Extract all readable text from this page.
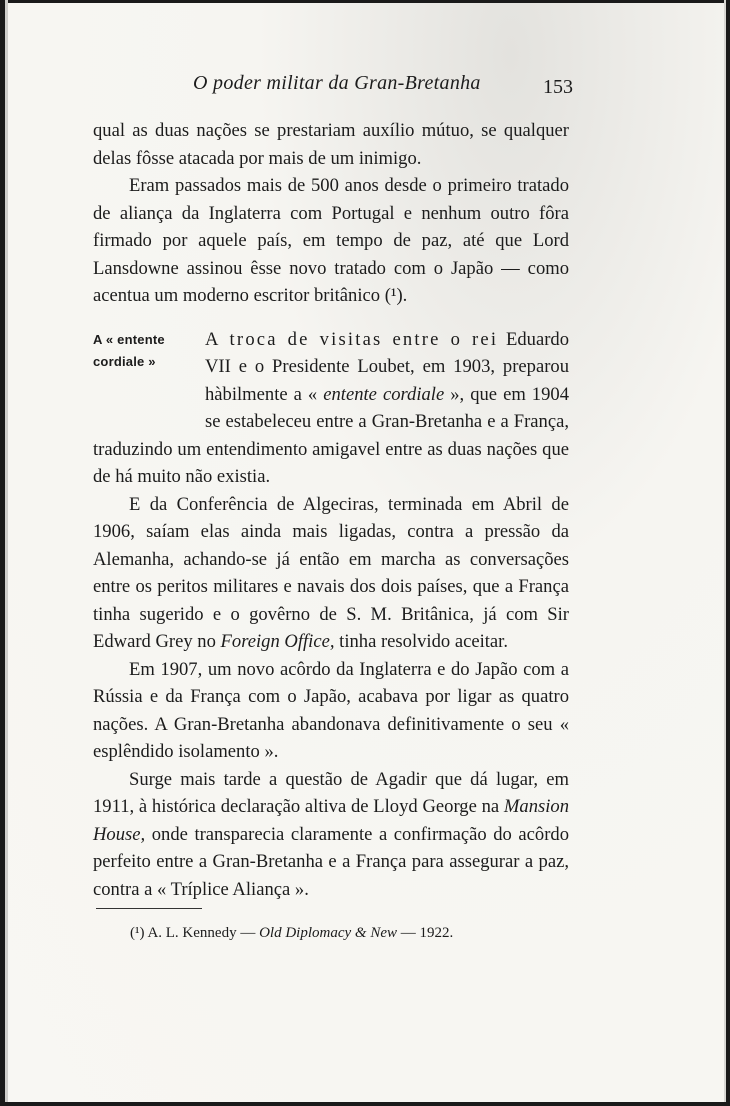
O poder militar da Gran-Bretanha	153

qual as duas nações se prestariam auxílio mútuo, se qualquer delas fôsse atacada por mais de um inimigo.

Eram passados mais de 500 anos desde o primeiro tratado de aliança da Inglaterra com Portugal e nenhum outro fôra firmado por aquele país, em tempo de paz, até que Lord Lansdowne assinou êsse novo tratado com o Japão — como acentua um moderno escritor britânico (¹).

A « entente cordiale »
A troca de visitas entre o rei Eduardo VII e o Presidente Loubet, em 1903, preparou hàbilmente a « entente cordiale », que em 1904 se estabeleceu entre a Gran-Bretanha e a França, traduzindo um entendimento amigavel entre as duas nações que de há muito não existia.

E da Conferência de Algeciras, terminada em Abril de 1906, saíam elas ainda mais ligadas, contra a pressão da Alemanha, achando-se já então em marcha as conversações entre os peritos militares e navais dos dois países, que a França tinha sugerido e o govêrno de S. M. Britânica, já com Sir Edward Grey no Foreign Office, tinha resolvido aceitar.

Em 1907, um novo acôrdo da Inglaterra e do Japão com a Rússia e da França com o Japão, acabava por ligar as quatro nações. A Gran-Bretanha abandonava definitivamente o seu « esplêndido isolamento ».

Surge mais tarde a questão de Agadir que dá lugar, em 1911, à histórica declaração altiva de Lloyd George na Mansion House, onde transparecia claramente a confirmação do acôrdo perfeito entre a Gran-Bretanha e a França para assegurar a paz, contra a « Tríplice Aliança ».

(¹) A. L. Kennedy — Old Diplomacy & New — 1922.
